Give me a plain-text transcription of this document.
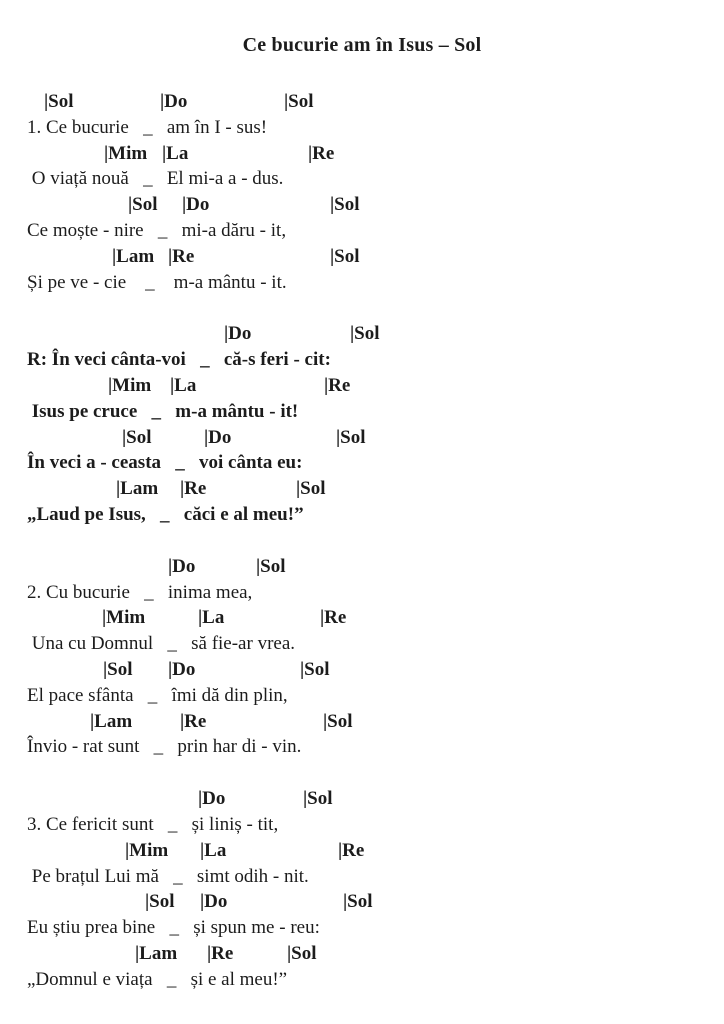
Ce bucurie am în Isus – Sol
|Sol	|Do	|Sol
1. Ce bucurie   _   am în I - sus!
|Mim |La	|Re
O viață nouă   _   El mi-a a - dus.
|Sol |Do	|Sol
Ce moște - nire   _   mi-a dăru - it,
|Lam |Re	|Sol
Și pe ve - cie    _    m-a mântu - it.
|Do	|Sol
R: În veci cânta-voi   _   că-s feri - cit:
|Mim |La	|Re
Isus pe cruce   _   m-a mântu - it!
|Sol	|Do	|Sol
În veci a - ceasta   _   voi cânta eu:
|Lam |Re	|Sol
„Laud pe Isus,   _   căci e al meu!”
|Do	|Sol
2. Cu bucurie   _   inima mea,
|Mim	|La	|Re
Una cu Domnul   _   să fie-ar vrea.
|Sol |Do	|Sol
El pace sfânta   _   îmi dă din plin,
|Lam	|Re	|Sol
Învio - rat sunt   _   prin har di - vin.
|Do	|Sol
3. Ce fericit sunt   _   și liniș - tit,
|Mim |La	|Re
Pe brațul Lui mă   _   simt odih - nit.
|Sol |Do	|Sol
Eu știu prea bine   _   și spun me - reu:
|Lam |Re	|Sol
„Domnul e viața   _   și e al meu!”
